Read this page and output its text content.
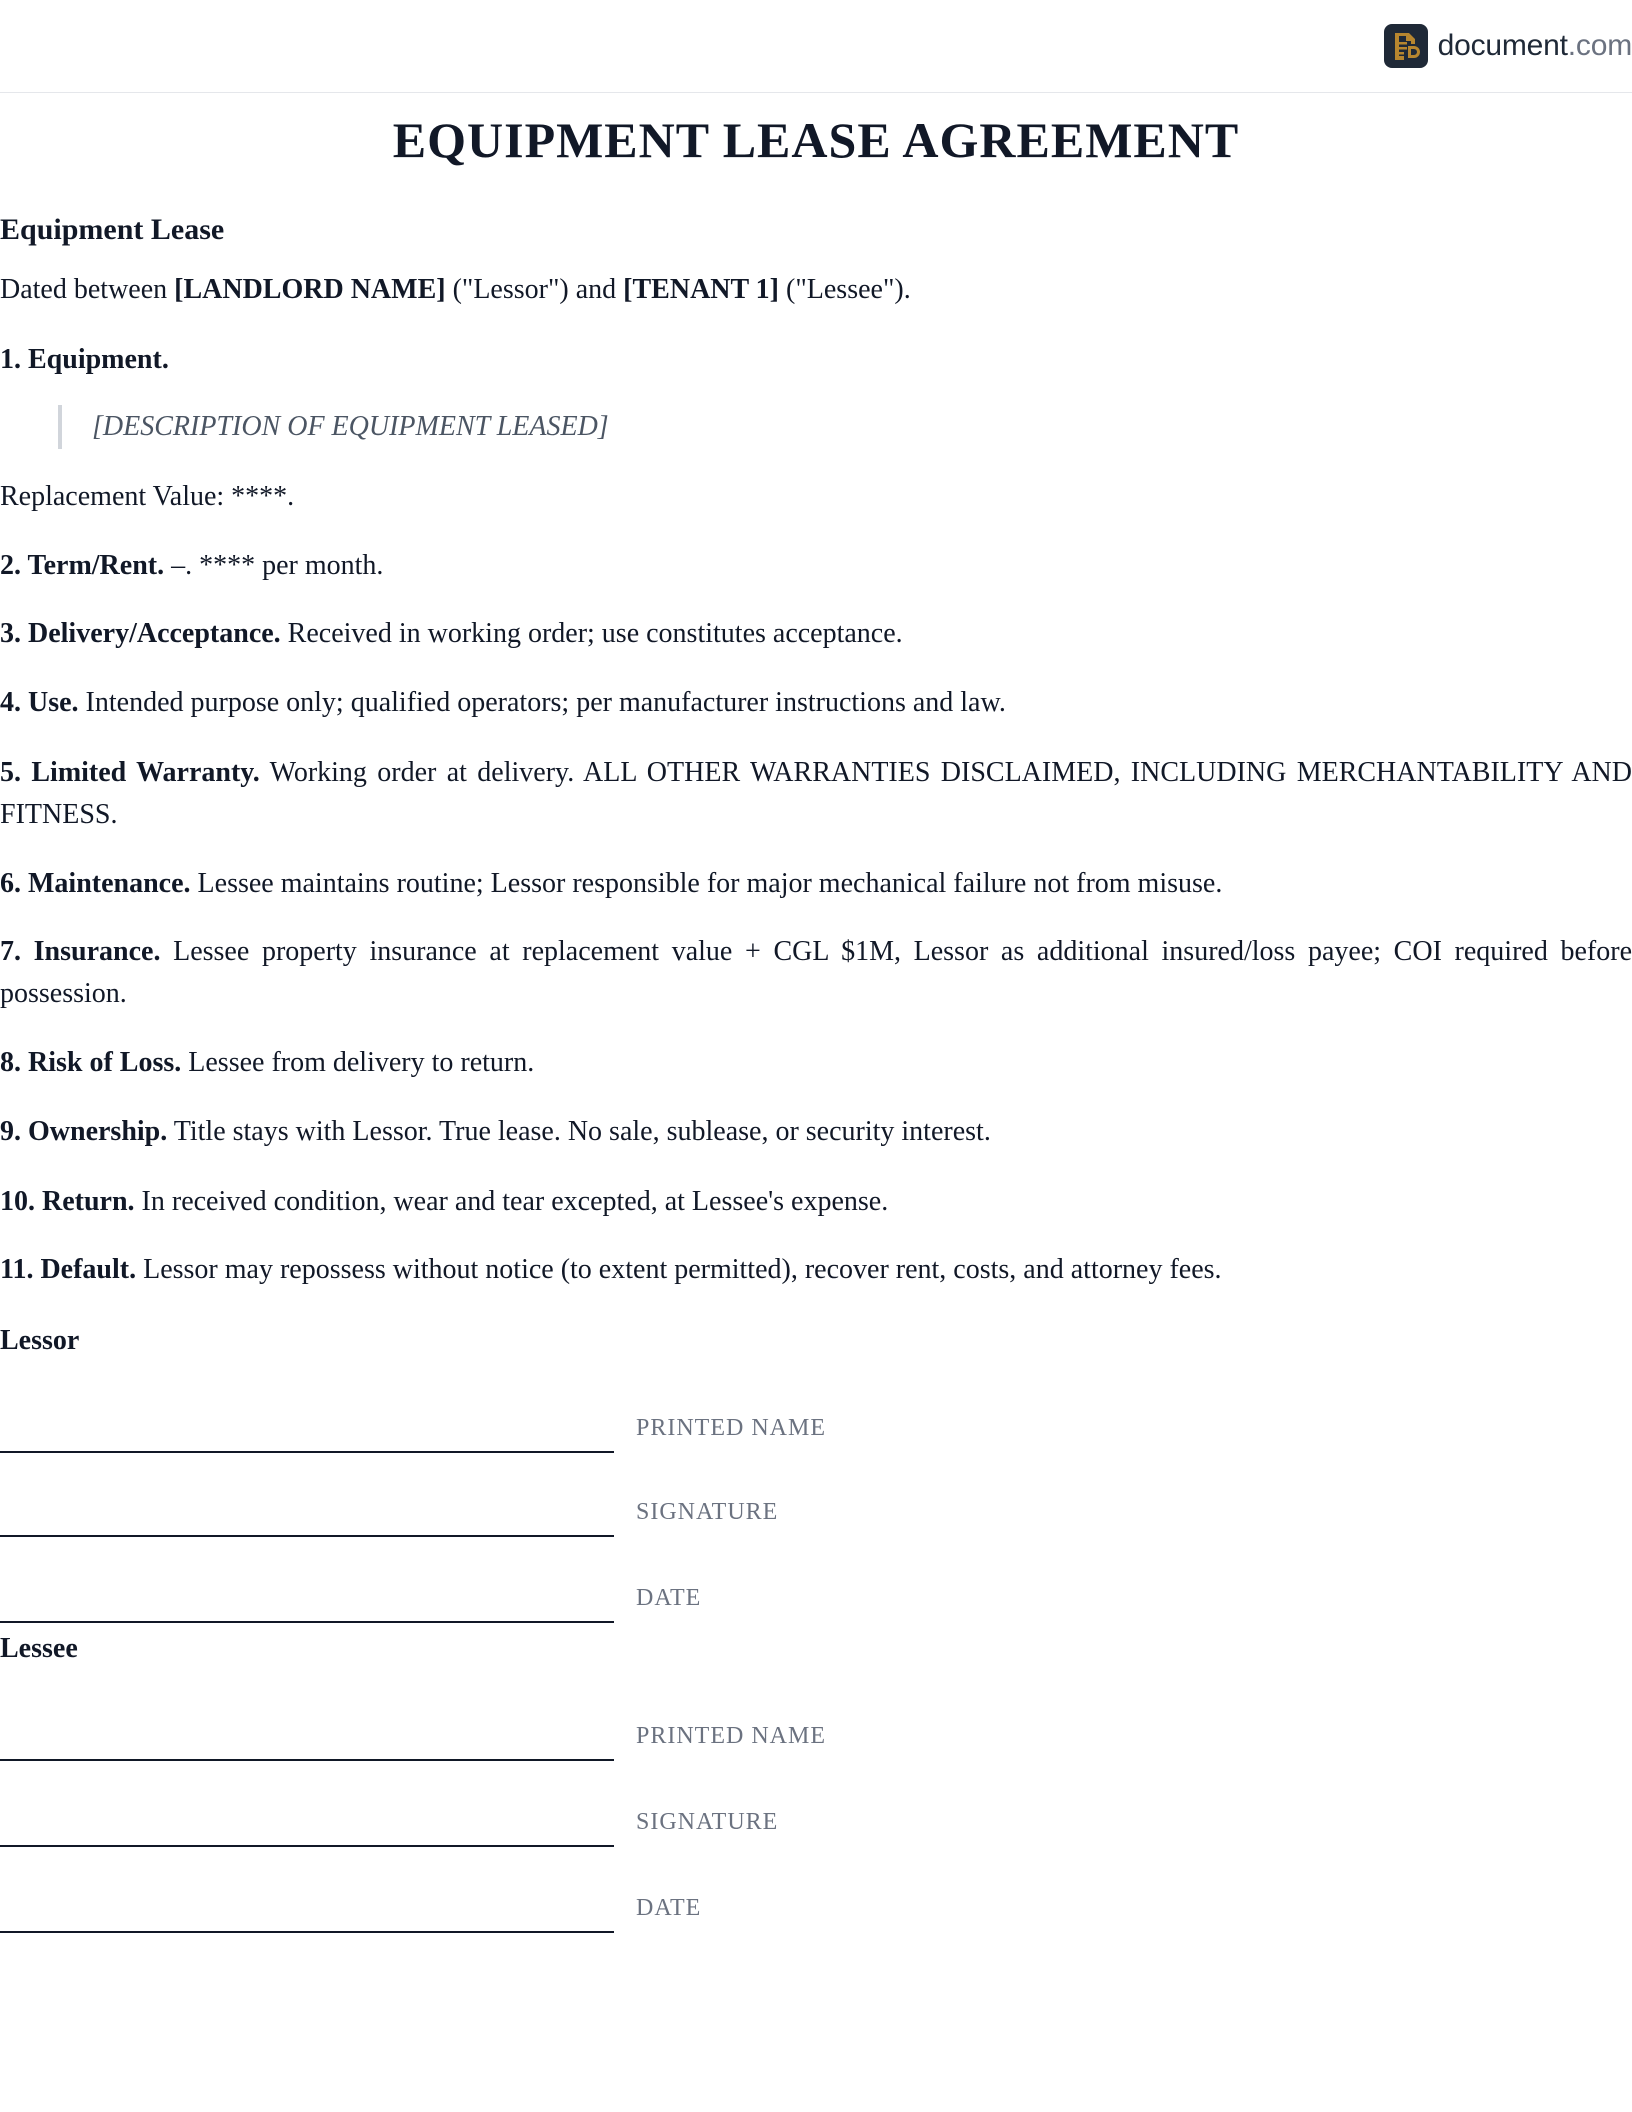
document.com
EQUIPMENT LEASE AGREEMENT
Equipment Lease

Dated between [LANDLORD NAME] ("Lessor") and [TENANT 1] ("Lessee").

1. Equipment.

[DESCRIPTION OF EQUIPMENT LEASED]

Replacement Value: ****.

2. Term/Rent. –. **** per month.

3. Delivery/Acceptance. Received in working order; use constitutes acceptance.

4. Use. Intended purpose only; qualified operators; per manufacturer instructions and law.

5. Limited Warranty. Working order at delivery. ALL OTHER WARRANTIES DISCLAIMED, INCLUDING MERCHANTABILITY AND FITNESS.

6. Maintenance. Lessee maintains routine; Lessor responsible for major mechanical failure not from misuse.

7. Insurance. Lessee property insurance at replacement value + CGL $1M, Lessor as additional insured/loss payee; COI required before possession.

8. Risk of Loss. Lessee from delivery to return.

9. Ownership. Title stays with Lessor. True lease. No sale, sublease, or security interest.

10. Return. In received condition, wear and tear excepted, at Lessee's expense.

11. Default. Lessor may repossess without notice (to extent permitted), recover rent, costs, and attorney fees.

Lessor

PRINTED NAME
SIGNATURE
DATE

Lessee

PRINTED NAME
SIGNATURE
DATE
